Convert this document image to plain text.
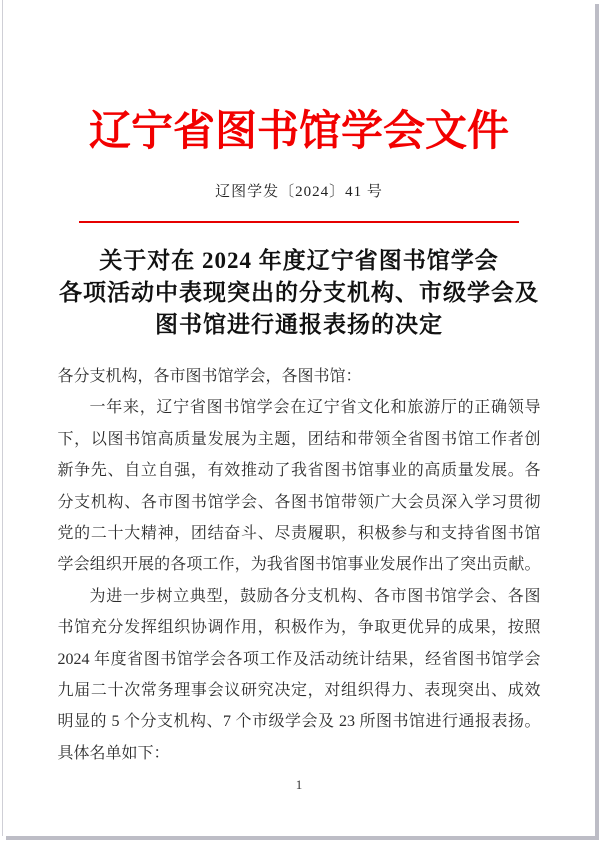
辽宁省图书馆学会文件
辽图学发〔2024〕41 号
关于对在 2024 年度辽宁省图书馆学会
各项活动中表现突出的分支机构、市级学会及
图书馆进行通报表扬的决定
各分支机构，各市图书馆学会，各图书馆：
一年来，辽宁省图书馆学会在辽宁省文化和旅游厅的正确领导
下，以图书馆高质量发展为主题，团结和带领全省图书馆工作者创
新争先、自立自强，有效推动了我省图书馆事业的高质量发展。各
分支机构、各市图书馆学会、各图书馆带领广大会员深入学习贯彻
党的二十大精神，团结奋斗、尽责履职，积极参与和支持省图书馆
学会组织开展的各项工作，为我省图书馆事业发展作出了突出贡献。
为进一步树立典型，鼓励各分支机构、各市图书馆学会、各图
书馆充分发挥组织协调作用，积极作为，争取更优异的成果，按照
2024 年度省图书馆学会各项工作及活动统计结果，经省图书馆学会
九届二十次常务理事会议研究决定，对组织得力、表现突出、成效
明显的 5 个分支机构、7 个市级学会及 23 所图书馆进行通报表扬。
具体名单如下：
1
